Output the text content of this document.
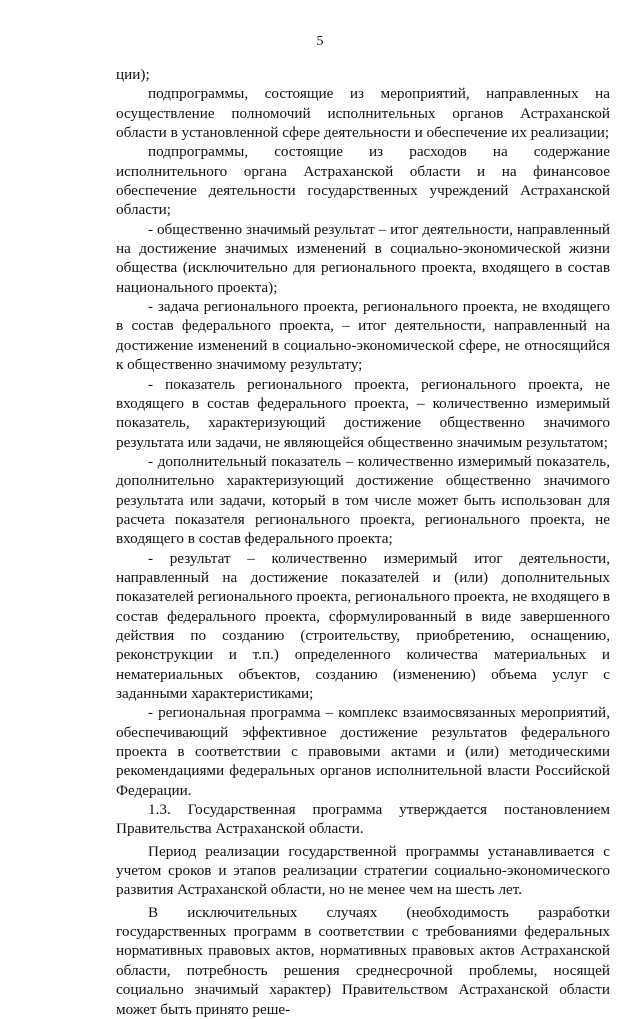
5

ции);

подпрограммы, состоящие из мероприятий, направленных на осуществление полномочий исполнительных органов Астраханской области в установленной сфере деятельности и обеспечение их реализации;

подпрограммы, состоящие из расходов на содержание исполнительного органа Астраханской области и на финансовое обеспечение деятельности государственных учреждений Астраханской области;

- общественно значимый результат – итог деятельности, направленный на достижение значимых изменений в социально-экономической жизни общества (исключительно для регионального проекта, входящего в состав национального проекта);

- задача регионального проекта, регионального проекта, не входящего в состав федерального проекта, – итог деятельности, направленный на достижение изменений в социально-экономической сфере, не относящийся к общественно значимому результату;

- показатель регионального проекта, регионального проекта, не входящего в состав федерального проекта, – количественно измеримый показатель, характеризующий достижение общественно значимого результата или задачи, не являющейся общественно значимым результатом;

- дополнительный показатель – количественно измеримый показатель, дополнительно характеризующий достижение общественно значимого результата или задачи, который в том числе может быть использован для расчета показателя регионального проекта, регионального проекта, не входящего в состав федерального проекта;

- результат – количественно измеримый итог деятельности, направленный на достижение показателей и (или) дополнительных показателей регионального проекта, регионального проекта, не входящего в состав федерального проекта, сформулированный в виде завершенного действия по созданию (строительству, приобретению, оснащению, реконструкции и т.п.) определенного количества материальных и нематериальных объектов, созданию (изменению) объема услуг с заданными характеристиками;

- региональная программа – комплекс взаимосвязанных мероприятий, обеспечивающий эффективное достижение результатов федерального проекта в соответствии с правовыми актами и (или) методическими рекомендациями федеральных органов исполнительной власти Российской Федерации.

1.3. Государственная программа утверждается постановлением Правительства Астраханской области.

Период реализации государственной программы устанавливается с учетом сроков и этапов реализации стратегии социально-экономического развития Астраханской области, но не менее чем на шесть лет.

В исключительных случаях (необходимость разработки государственных программ в соответствии с требованиями федеральных нормативных правовых актов, нормативных правовых актов Астраханской области, потребность решения среднесрочной проблемы, носящей социально значимый характер) Правительством Астраханской области может быть принято реше-
